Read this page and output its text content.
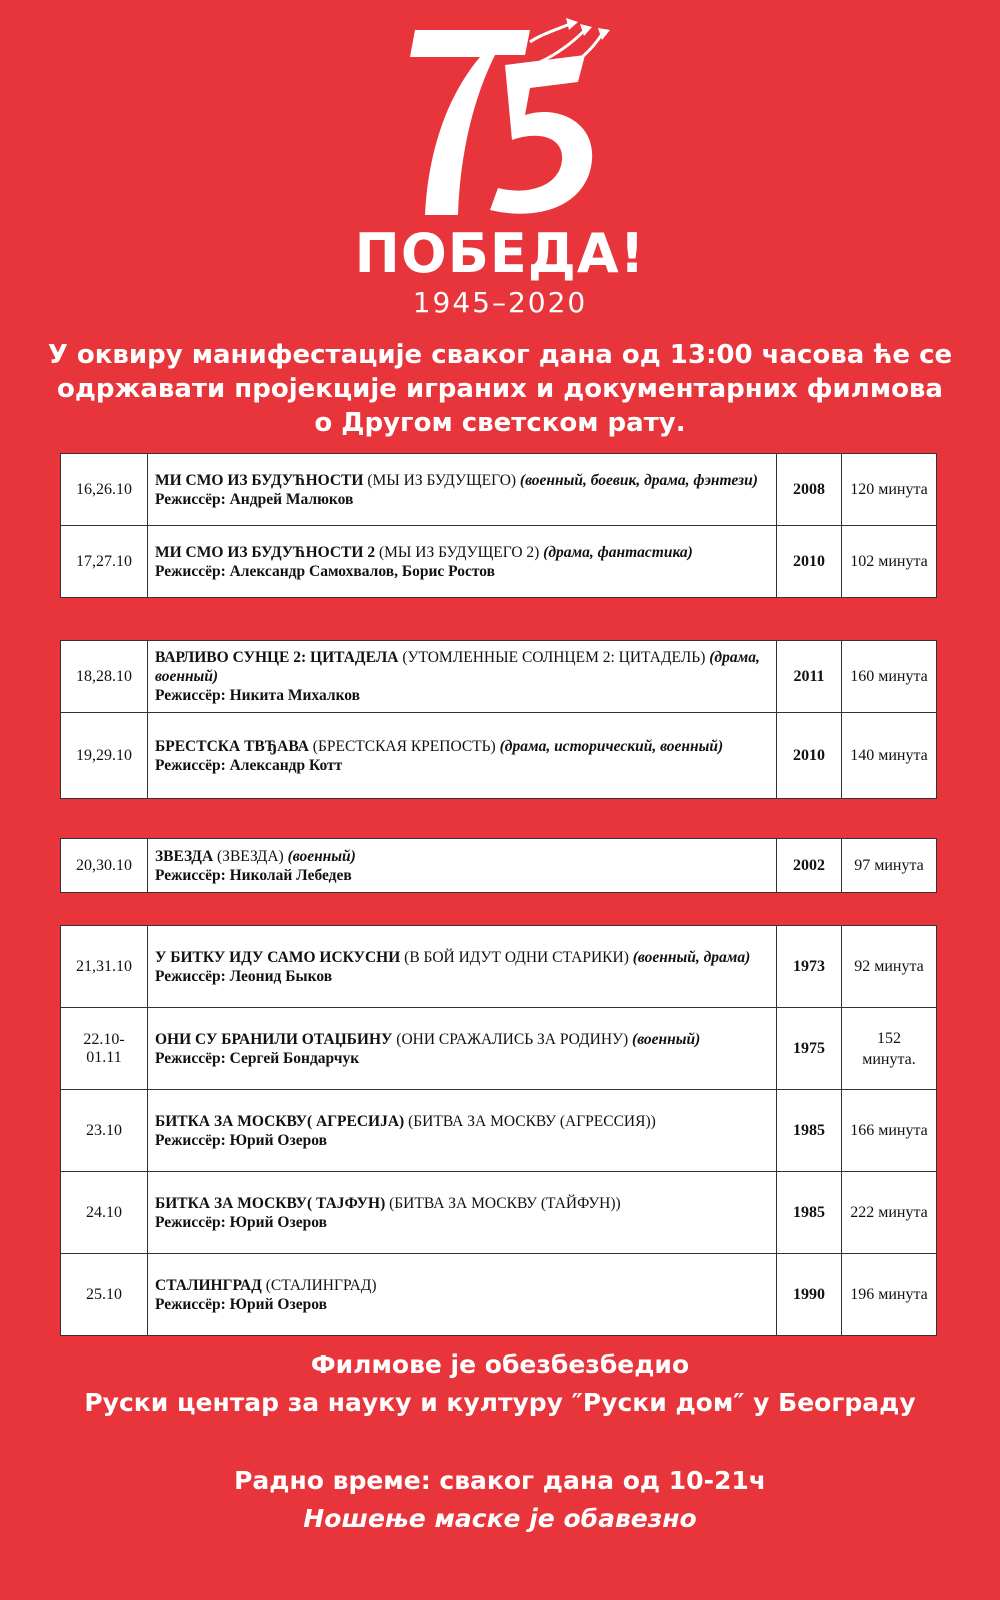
ПОБЕДА!
1945–2020
У оквиру манифестације сваког дана од 13:00 часова ће се
одржавати пројекције играних и документарних филмова
о Другом светском рату.
16,26.10	МИ СМО ИЗ БУДУЋНОСТИ (МЫ ИЗ БУДУЩЕГО) (военный, боевик, драма, фэнтези)
Режиссёр: Андрей Малюков	2008	120 минута
17,27.10	МИ СМО ИЗ БУДУЋНОСТИ 2 (МЫ ИЗ БУДУЩЕГО 2) (драма, фантастика)
Режиссёр: Александр Самохвалов, Борис Ростов	2010	102 минута
18,28.10	ВАРЛИВО СУНЦЕ 2: ЦИТАДЕЛА (УТОМЛЕННЫЕ СОЛНЦЕМ 2: ЦИТАДЕЛЬ) (драма, военный)
Режиссёр: Никита Михалков	2011	160 минута
19,29.10	БРЕСТСКА ТВЂАВА (БРЕСТСКАЯ КРЕПОСТЬ) (драма, исторический, военный)
Режиссёр: Александр Котт	2010	140 минута
20,30.10	ЗВЕЗДА (ЗВЕЗДА) (военный)
Режиссёр: Николай Лебедев	2002	97 минута
21,31.10	У БИТКУ ИДУ САМО ИСКУСНИ (В БОЙ ИДУТ ОДНИ СТАРИКИ) (военный, драма)
Режиссёр: Леонид Быков	1973	92 минута
22.10- 01.11	ОНИ СУ БРАНИЛИ ОТАЏБИНУ (ОНИ СРАЖАЛИСЬ ЗА РОДИНУ) (военный)
Режиссёр: Сергей Бондарчук	1975	152 минута.
23.10	БИТКА ЗА МОСКВУ( АГРЕСИЈА) (БИТВА ЗА МОСКВУ (АГРЕССИЯ))
Режиссёр: Юрий Озеров	1985	166 минута
24.10	БИТКА ЗА МОСКВУ( ТАЈФУН) (БИТВА ЗА МОСКВУ (ТАЙФУН))
Режиссёр: Юрий Озеров	1985	222 минута
25.10	СТАЛИНГРАД (СТАЛИНГРАД)
Режиссёр: Юрий Озеров	1990	196 минута
Филмове је обезбезбедио
Руски центар за науку и културу ″Руски дом″ у Београду
Радно време: сваког дана од 10-21ч
Ношење маске је обавезно
